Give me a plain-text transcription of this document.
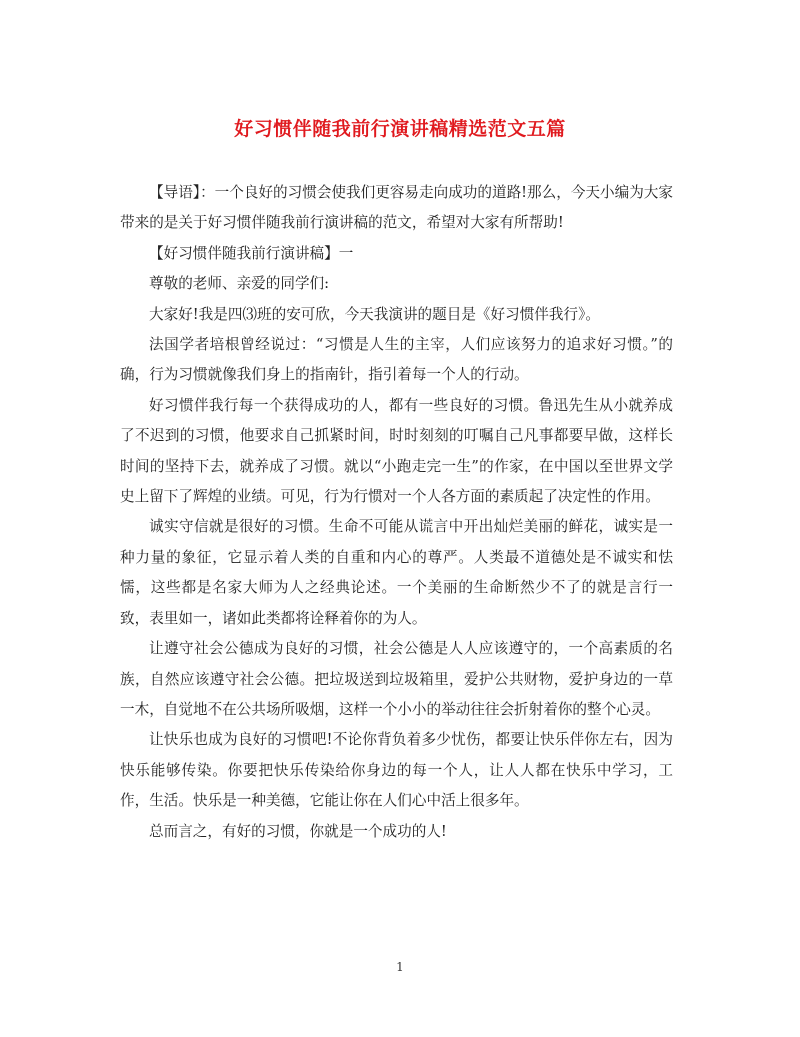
好习惯伴随我前行演讲稿精选范文五篇

【导语】：一个良好的习惯会使我们更容易走向成功的道路!那么，今天小编为大家带来的是关于好习惯伴随我前行演讲稿的范文，希望对大家有所帮助!

【好习惯伴随我前行演讲稿】一

尊敬的老师、亲爱的同学们:

大家好!我是四⑶班的安可欣，今天我演讲的题目是《好习惯伴我行》。

法国学者培根曾经说过：“习惯是人生的主宰，人们应该努力的追求好习惯。”的确，行为习惯就像我们身上的指南针，指引着每一个人的行动。

好习惯伴我行每一个获得成功的人，都有一些良好的习惯。鲁迅先生从小就养成了不迟到的习惯，他要求自己抓紧时间，时时刻刻的叮嘱自己凡事都要早做，这样长时间的坚持下去，就养成了习惯。就以“小跑走完一生”的作家，在中国以至世界文学史上留下了辉煌的业绩。可见，行为行惯对一个人各方面的素质起了决定性的作用。

诚实守信就是很好的习惯。生命不可能从谎言中开出灿烂美丽的鲜花，诚实是一种力量的象征，它显示着人类的自重和内心的尊严。人类最不道德处是不诚实和怯懦，这些都是名家大师为人之经典论述。一个美丽的生命断然少不了的就是言行一致，表里如一，诸如此类都将诠释着你的为人。

让遵守社会公德成为良好的习惯，社会公德是人人应该遵守的，一个高素质的名族，自然应该遵守社会公德。把垃圾送到垃圾箱里，爱护公共财物，爱护身边的一草一木，自觉地不在公共场所吸烟，这样一个小小的举动往往会折射着你的整个心灵。

让快乐也成为良好的习惯吧!不论你背负着多少忧伤，都要让快乐伴你左右，因为快乐能够传染。你要把快乐传染给你身边的每一个人，让人人都在快乐中学习，工作，生活。快乐是一种美德，它能让你在人们心中活上很多年。

总而言之，有好的习惯，你就是一个成功的人!

1
